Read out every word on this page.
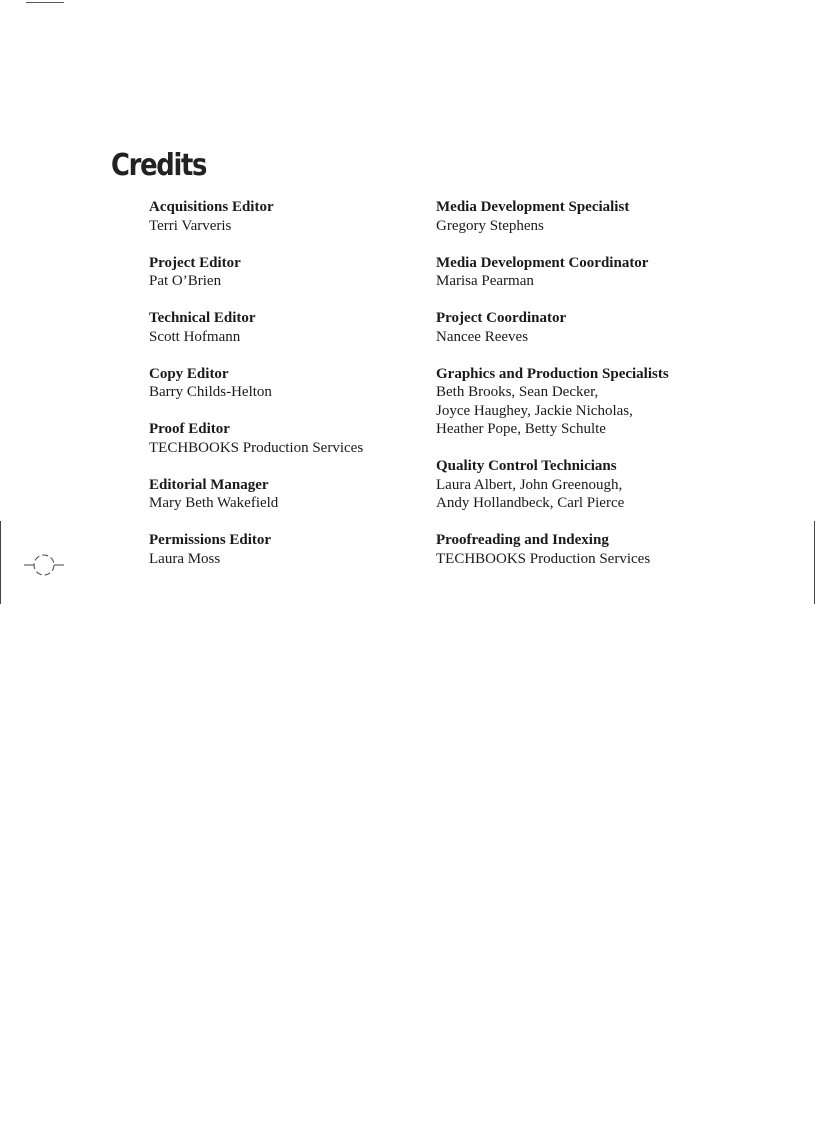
Credits
Acquisitions Editor
Terri Varveris
Project Editor
Pat O’Brien
Technical Editor
Scott Hofmann
Copy Editor
Barry Childs-Helton
Proof Editor
TECHBOOKS Production Services
Editorial Manager
Mary Beth Wakefield
Permissions Editor
Laura Moss
Media Development Specialist
Gregory Stephens
Media Development Coordinator
Marisa Pearman
Project Coordinator
Nancee Reeves
Graphics and Production Specialists
Beth Brooks, Sean Decker,
Joyce Haughey, Jackie Nicholas,
Heather Pope, Betty Schulte
Quality Control Technicians
Laura Albert, John Greenough,
Andy Hollandbeck, Carl Pierce
Proofreading and Indexing
TECHBOOKS Production Services
